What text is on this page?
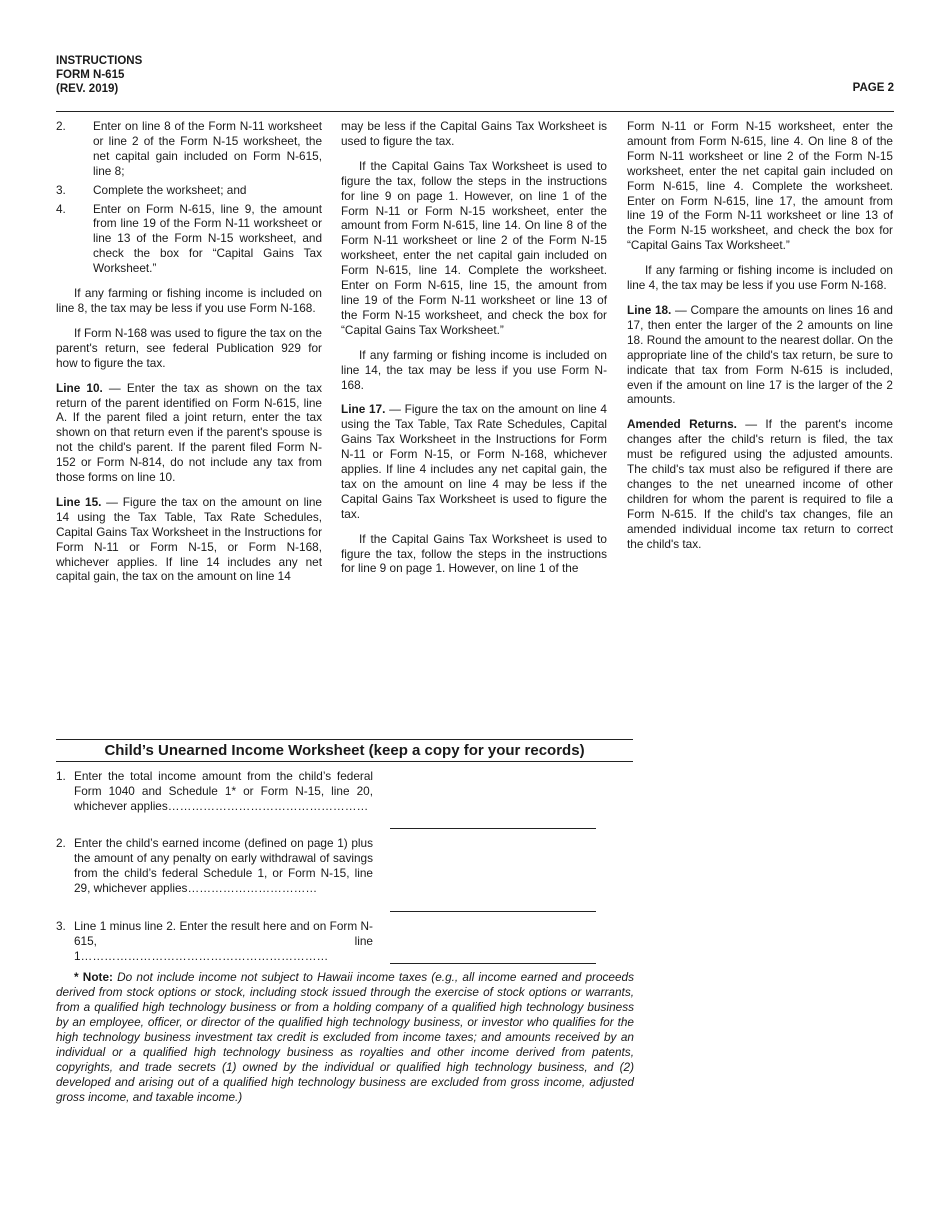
INSTRUCTIONS
FORM N-615
(REV. 2019)	PAGE 2
2.	Enter on line 8 of the Form N-11 worksheet or line 2 of the Form N-15 worksheet, the net capital gain included on Form N-615, line 8;
3.	Complete the worksheet; and
4.	Enter on Form N-615, line 9, the amount from line 19 of the Form N-11 worksheet or line 13 of the Form N-15 worksheet, and check the box for “Capital Gains Tax Worksheet.”

If any farming or fishing income is included on line 8, the tax may be less if you use Form N-168.

If Form N-168 was used to figure the tax on the parent's return, see federal Publication 929 for how to figure the tax.

Line 10. — Enter the tax as shown on the tax return of the parent identified on Form N-615, line A. If the parent filed a joint return, enter the tax shown on that return even if the parent's spouse is not the child's parent. If the parent filed Form N-152 or Form N-814, do not include any tax from those forms on line 10.

Line 15. — Figure the tax on the amount on line 14 using the Tax Table, Tax Rate Schedules, Capital Gains Tax Worksheet in the Instructions for Form N-11 or Form N-15, or Form N-168, whichever applies. If line 14 includes any net capital gain, the tax on the amount on line 14

may be less if the Capital Gains Tax Worksheet is used to figure the tax.

If the Capital Gains Tax Worksheet is used to figure the tax, follow the steps in the instructions for line 9 on page 1. However, on line 1 of the Form N-11 or Form N-15 worksheet, enter the amount from Form N-615, line 14. On line 8 of the Form N-11 worksheet or line 2 of the Form N-15 worksheet, enter the net capital gain included on Form N-615, line 14. Complete the worksheet. Enter on Form N-615, line 15, the amount from line 19 of the Form N-11 worksheet or line 13 of the Form N-15 worksheet, and check the box for “Capital Gains Tax Worksheet.”

If any farming or fishing income is included on line 14, the tax may be less if you use Form N-168.

Line 17. — Figure the tax on the amount on line 4 using the Tax Table, Tax Rate Schedules, Capital Gains Tax Worksheet in the Instructions for Form N-11 or Form N-15, or Form N-168, whichever applies. If line 4 includes any net capital gain, the tax on the amount on line 4 may be less if the Capital Gains Tax Worksheet is used to figure the tax.

If the Capital Gains Tax Worksheet is used to figure the tax, follow the steps in the instructions for line 9 on page 1. However, on line 1 of the

Form N-11 or Form N-15 worksheet, enter the amount from Form N-615, line 4. On line 8 of the Form N-11 worksheet or line 2 of the Form N-15 worksheet, enter the net capital gain included on Form N-615, line 4. Complete the worksheet. Enter on Form N-615, line 17, the amount from line 19 of the Form N-11 worksheet or line 13 of the Form N-15 worksheet, and check the box for “Capital Gains Tax Worksheet.”

If any farming or fishing income is included on line 4, the tax may be less if you use Form N-168.

Line 18. — Compare the amounts on lines 16 and 17, then enter the larger of the 2 amounts on line 18. Round the amount to the nearest dollar. On the appropriate line of the child's tax return, be sure to indicate that tax from Form N-615 is included, even if the amount on line 17 is the larger of the 2 amounts.

Amended Returns. — If the parent's income changes after the child's return is filed, the tax must be refigured using the adjusted amounts. The child's tax must also be refigured if there are changes to the net unearned income of other children for whom the parent is required to file a Form N-615. If the child's tax changes, file an amended individual income tax return to correct the child's tax.

Child’s Unearned Income Worksheet (keep a copy for your records)
1. Enter the total income amount from the child’s federal Form 1040 and Schedule 1* or Form N-15, line 20, whichever applies……………………………………………
2. Enter the child’s earned income (defined on page 1) plus the amount of any penalty on early withdrawal of savings from the child’s federal Schedule 1, or Form N-15, line 29, whichever applies……………………………
3. Line 1 minus line 2. Enter the result here and on Form N-615, line 1………………………………………………………
* Note: Do not include income not subject to Hawaii income taxes (e.g., all income earned and proceeds derived from stock options or stock, including stock issued through the exercise of stock options or warrants, from a qualified high technology business or from a holding company of a qualified high technology business by an employee, officer, or director of the qualified high technology business, or investor who qualifies for the high technology business investment tax credit is excluded from income taxes; and amounts received by an individual or a qualified high technology business as royalties and other income derived from patents, copyrights, and trade secrets (1) owned by the individual or qualified high technology business, and (2) developed and arising out of a qualified high technology business are excluded from gross income, adjusted gross income, and taxable income.)
